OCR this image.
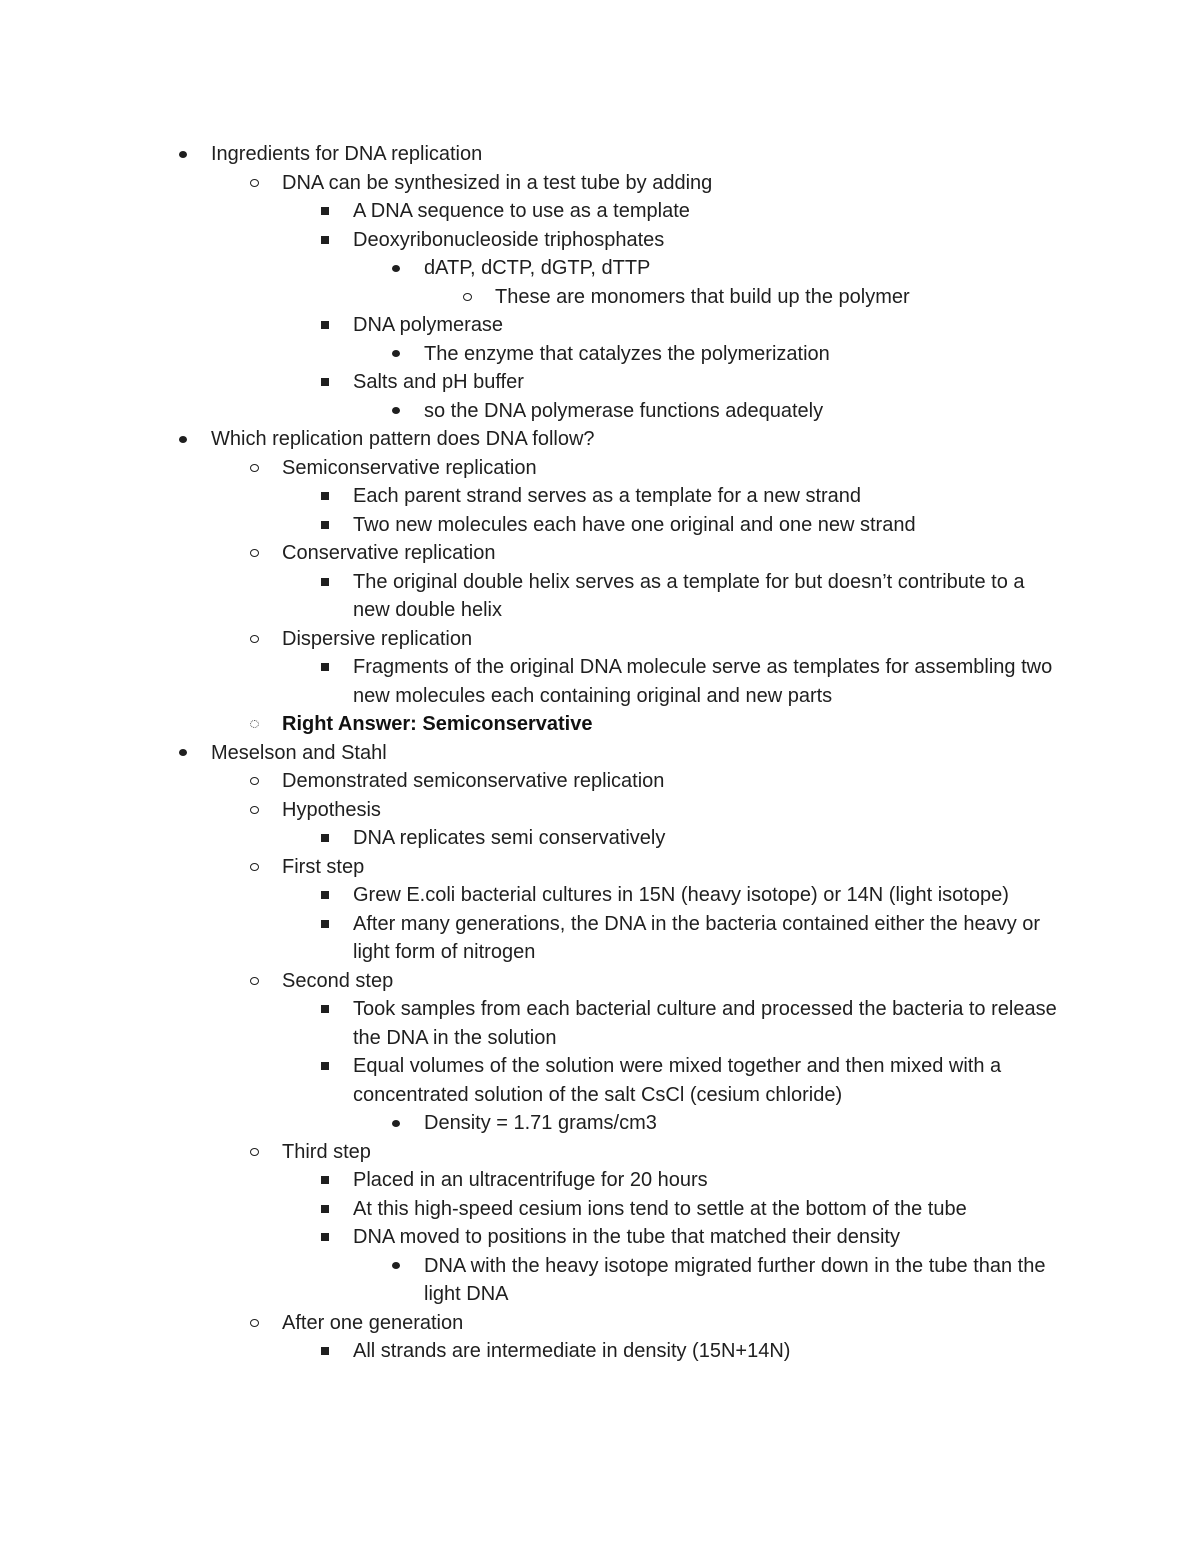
Ingredients for DNA replication
DNA can be synthesized in a test tube by adding
A DNA sequence to use as a template
Deoxyribonucleoside triphosphates
dATP, dCTP, dGTP, dTTP
These are monomers that build up the polymer
DNA polymerase
The enzyme that catalyzes the polymerization
Salts and pH buffer
so the DNA polymerase functions adequately
Which replication pattern does DNA follow?
Semiconservative replication
Each parent strand serves as a template for a new strand
Two new molecules each have one original and one new strand
Conservative replication
The original double helix serves as a template for but doesn’t contribute to a new double helix
Dispersive replication
Fragments of the original DNA molecule serve as templates for assembling two new molecules each containing original and new parts
Right Answer: Semiconservative
Meselson and Stahl
Demonstrated semiconservative replication
Hypothesis
DNA replicates semi conservatively
First step
Grew E.coli bacterial cultures in 15N (heavy isotope) or 14N (light isotope)
After many generations, the DNA in the bacteria contained either the heavy or light form of nitrogen
Second step
Took samples from each bacterial culture and processed the bacteria to release the DNA in the solution
Equal volumes of the solution were mixed together and then mixed with a concentrated solution of the salt CsCl (cesium chloride)
Density = 1.71 grams/cm3
Third step
Placed in an ultracentrifuge for 20 hours
At this high-speed cesium ions tend to settle at the bottom of the tube
DNA moved to positions in the tube that matched their density
DNA with the heavy isotope migrated further down in the tube than the light DNA
After one generation
All strands are intermediate in density (15N+14N)
